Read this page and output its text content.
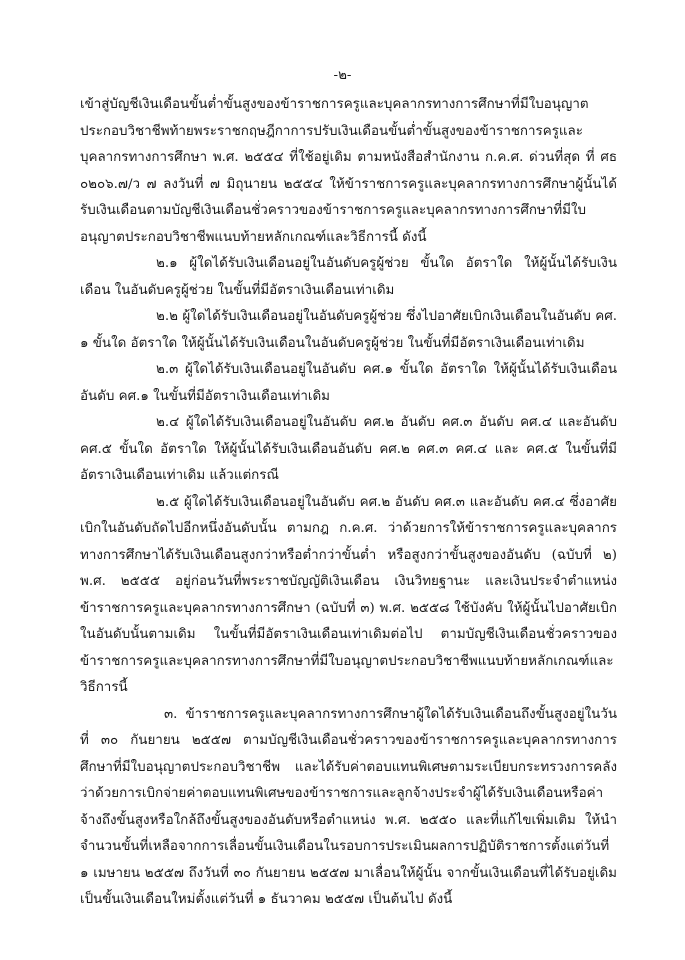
-๒-

เข้าสู่บัญชีเงินเดือนขั้นต่ำขั้นสูงของข้าราชการครูและบุคลากรทางการศึกษาที่มีใบอนุญาตประกอบวิชาชีพท้ายพระราชกฤษฎีกาการปรับเงินเดือนขั้นต่ำขั้นสูงของข้าราชการครูและบุคลากรทางการศึกษา พ.ศ. ๒๕๕๔ ที่ใช้อยู่เดิม ตามหนังสือสำนักงาน ก.ค.ศ. ด่วนที่สุด ที่ ศธ ๐๒๐๖.๗/ว ๗ ลงวันที่ ๗ มิถุนายน ๒๕๕๔ ให้ข้าราชการครูและบุคลากรทางการศึกษาผู้นั้นได้รับเงินเดือนตามบัญชีเงินเดือนชั่วคราวของข้าราชการครูและบุคลากรทางการศึกษาที่มีใบอนุญาตประกอบวิชาชีพแนบท้ายหลักเกณฑ์และวิธีการนี้ ดังนี้

๒.๑ ผู้ใดได้รับเงินเดือนอยู่ในอันดับครูผู้ช่วย ขั้นใด อัตราใด ให้ผู้นั้นได้รับเงินเดือน ในอันดับครูผู้ช่วย ในขั้นที่มีอัตราเงินเดือนเท่าเดิม

๒.๒ ผู้ใดได้รับเงินเดือนอยู่ในอันดับครูผู้ช่วย ซึ่งไปอาศัยเบิกเงินเดือนในอันดับ คศ. ๑ ขั้นใด อัตราใด ให้ผู้นั้นได้รับเงินเดือนในอันดับครูผู้ช่วย ในขั้นที่มีอัตราเงินเดือนเท่าเดิม

๒.๓ ผู้ใดได้รับเงินเดือนอยู่ในอันดับ คศ.๑ ขั้นใด อัตราใด ให้ผู้นั้นได้รับเงินเดือนอันดับ คศ.๑ ในขั้นที่มีอัตราเงินเดือนเท่าเดิม

๒.๔ ผู้ใดได้รับเงินเดือนอยู่ในอันดับ คศ.๒ อันดับ คศ.๓ อันดับ คศ.๔ และอันดับ คศ.๕ ขั้นใด อัตราใด ให้ผู้นั้นได้รับเงินเดือนอันดับ คศ.๒ คศ.๓ คศ.๔ และ คศ.๕ ในขั้นที่มีอัตราเงินเดือนเท่าเดิม แล้วแต่กรณี

๒.๕ ผู้ใดได้รับเงินเดือนอยู่ในอันดับ คศ.๒ อันดับ คศ.๓ และอันดับ คศ.๔ ซึ่งอาศัยเบิกในอันดับถัดไปอีกหนึ่งอันดับนั้น ตามกฎ ก.ค.ศ. ว่าด้วยการให้ข้าราชการครูและบุคลากรทางการศึกษาได้รับเงินเดือนสูงกว่าหรือต่ำกว่าขั้นต่ำ หรือสูงกว่าขั้นสูงของอันดับ (ฉบับที่ ๒) พ.ศ. ๒๕๕๕ อยู่ก่อนวันที่พระราชบัญญัติเงินเดือน เงินวิทยฐานะ และเงินประจำตำแหน่งข้าราชการครูและบุคลากรทางการศึกษา (ฉบับที่ ๓) พ.ศ. ๒๕๕๘ ใช้บังคับ ให้ผู้นั้นไปอาศัยเบิกในอันดับนั้นตามเดิม ในขั้นที่มีอัตราเงินเดือนเท่าเดิมต่อไป ตามบัญชีเงินเดือนชั่วคราวของข้าราชการครูและบุคลากรทางการศึกษาที่มีใบอนุญาตประกอบวิชาชีพแนบท้ายหลักเกณฑ์และวิธีการนี้

๓. ข้าราชการครูและบุคลากรทางการศึกษาผู้ใดได้รับเงินเดือนถึงขั้นสูงอยู่ในวันที่ ๓๐ กันยายน ๒๕๕๗ ตามบัญชีเงินเดือนชั่วคราวของข้าราชการครูและบุคลากรทางการศึกษาที่มีใบอนุญาตประกอบวิชาชีพ และได้รับค่าตอบแทนพิเศษตามระเบียบกระทรวงการคลังว่าด้วยการเบิกจ่ายค่าตอบแทนพิเศษของข้าราชการและลูกจ้างประจำผู้ได้รับเงินเดือนหรือค่าจ้างถึงขั้นสูงหรือใกล้ถึงขั้นสูงของอันดับหรือตำแหน่ง พ.ศ. ๒๕๕๐ และที่แก้ไขเพิ่มเติม ให้นำจำนวนขั้นที่เหลือจากการเลื่อนขั้นเงินเดือนในรอบการประเมินผลการปฏิบัติราชการตั้งแต่วันที่ ๑ เมษายน ๒๕๕๗ ถึงวันที่ ๓๐ กันยายน ๒๕๕๗ มาเลื่อนให้ผู้นั้น จากขั้นเงินเดือนที่ได้รับอยู่เดิมเป็นขั้นเงินเดือนใหม่ตั้งแต่วันที่ ๑ ธันวาคม ๒๕๕๗ เป็นต้นไป ดังนี้
